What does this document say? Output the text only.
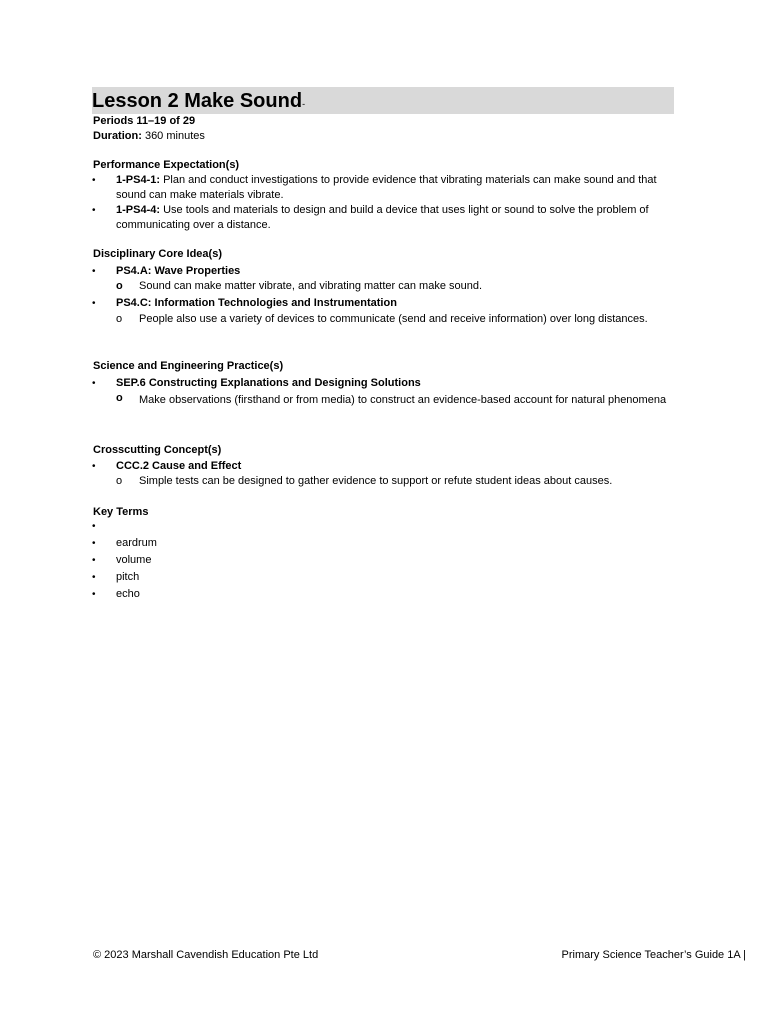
Lesson 2 Make Sound-
Periods 11–19 of 29
Duration: 360 minutes
Performance Expectation(s)
• 1-PS4-1: Plan and conduct investigations to provide evidence that vibrating materials can make sound and that sound can make materials vibrate.
• 1-PS4-4: Use tools and materials to design and build a device that uses light or sound to solve the problem of communicating over a distance.
Disciplinary Core Idea(s)
• PS4.A: Wave Properties
o Sound can make matter vibrate, and vibrating matter can make sound.
• PS4.C: Information Technologies and Instrumentation
o People also use a variety of devices to communicate (send and receive information) over long distances.
Science and Engineering Practice(s)
• SEP.6 Constructing Explanations and Designing Solutions
o Make observations (firsthand or from media) to construct an evidence-based account for natural phenomena
Crosscutting Concept(s)
• CCC.2 Cause and Effect
o Simple tests can be designed to gather evidence to support or refute student ideas about causes.
Key Terms
•
• eardrum
• volume
• pitch
• echo
© 2023 Marshall Cavendish Education Pte Ltd	Primary Science Teacher’s Guide 1A |
